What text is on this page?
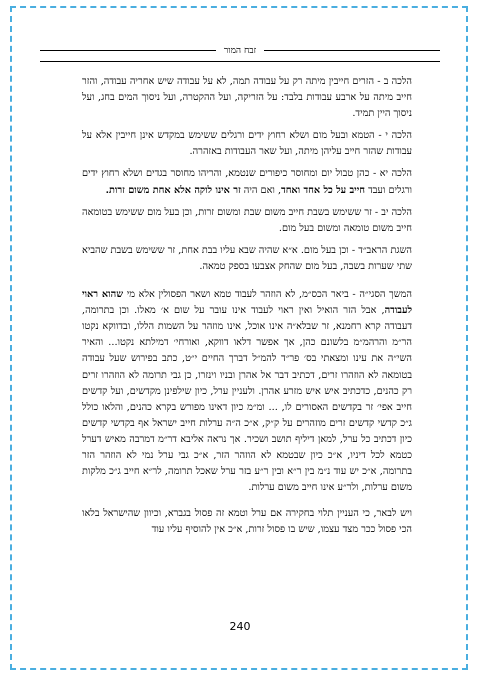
זבח המור

הלכה ב - הזרים חייבין מיתה רק על עבודה תמה, לא על עבודה שיש אחריה עבודה, והזר חייב מיתה על ארבע עבודות בלבד: על הזריקה, ועל ההקטרה, ועל ניסוך המים בחג, ועל ניסוך היין תמיד.

הלכה י - הטמא ובעל מום ושלא רחוץ ידים ורגלים ששימש במקדש אינן חייבין אלא על עבודות שהזר חייב עליהן מיתה, ועל שאר העבודות באזהרה.

הלכה יא - כהן טבול יום ומחוסר כיפורים שנטמא, והריהו מחוסר בגדים ושלא רחוץ ידים ורגלים ועבד חייב על כל אחד ואחד, ואם היה זר אינו לוקה אלא אחת משום זרות.

הלכה יב - זר ששימש בשבת חייב משום שבת ומשום זרות, וכן בעל מום ששימש בטומאה חייב משום טומאה ומשום בעל מום.

השגת הראב״ד - וכן בעל מום. א״א שהיה שבא עליו בבת אחת, זר ששימש בשבת שהביא שתי שערות בשבה, בעל מום שהחק אצבעו בספק טמאה.

המשך הסגי״ה - ביאר הכס״מ, לא הוזהר לעבוד טמא ושאר הפסולין אלא מי שהוא ראוי לעבודה, אבל הזר הואיל ואין ראוי לעבוד אינו עובר על שום א׳ מאלו. וכן בתרומה, דעבודה קרא רחמנא, זר שבלא״ה אינו אוכל, אינו מוזהר על השמות הללו, ובדווקא נקטו הר״מ והרהמ״מ בלשונם כהן, אך אפשר דלאו דווקא, ואורחי׳ דמילתא נקטו... והאיר השי״ה את עינו ומצאתי בס׳ פר״ד להמ״ל דברך החיים י״ט, כתב בפירוש שעל עבודה בטומאה לא הוזהרו זרים, דכתיב דבר אל אהרן ובניו וינזרו, כן גבי תרומה לא הוזהרו זרים רק כהנים, כדכתיב איש איש מזרע אהרן. ולעניין ערל, כיון שילפינן מקדשים, ועל קדשים חייב אפי׳ זר בקדשים האסורים לו, ... ומ״מ כיון דאינו מפורש בקרא כהנים, והלאו כולל ג״כ קדשי קדשים זרים מוזהרים על ק״ק, א״כ ה״ה ערלות חייב ישראל אף בקדשי קדשים כיון דכתיב כל ערל, למאן דיליף תושב ושכיר. אך נראה אליבא דר״מ דמרבה מאיש דערל כטמא לכל דיניו, א״כ כיון שבטמא לא הוזהר הזר, א״כ גבי ערל נמי לא הוזהר הזר בתרומה, א״כ יש עוד נ״מ בין ר״א ובין ר״ע בזר ערל שאכל תרומה, לר״א חייב ג״כ מלקות משום ערלות, ולר״ע אינו חייב משום ערלות.

ויש לבאר, כי העניין תלוי בחקירה אם ערל וטמא זה פסול בגברא, וכיוון שהישראל בלאו הכי פסול ככר מצד עצמו, שיש בו פסול זרות, א״כ אין להוסיף עליו עוד

240
